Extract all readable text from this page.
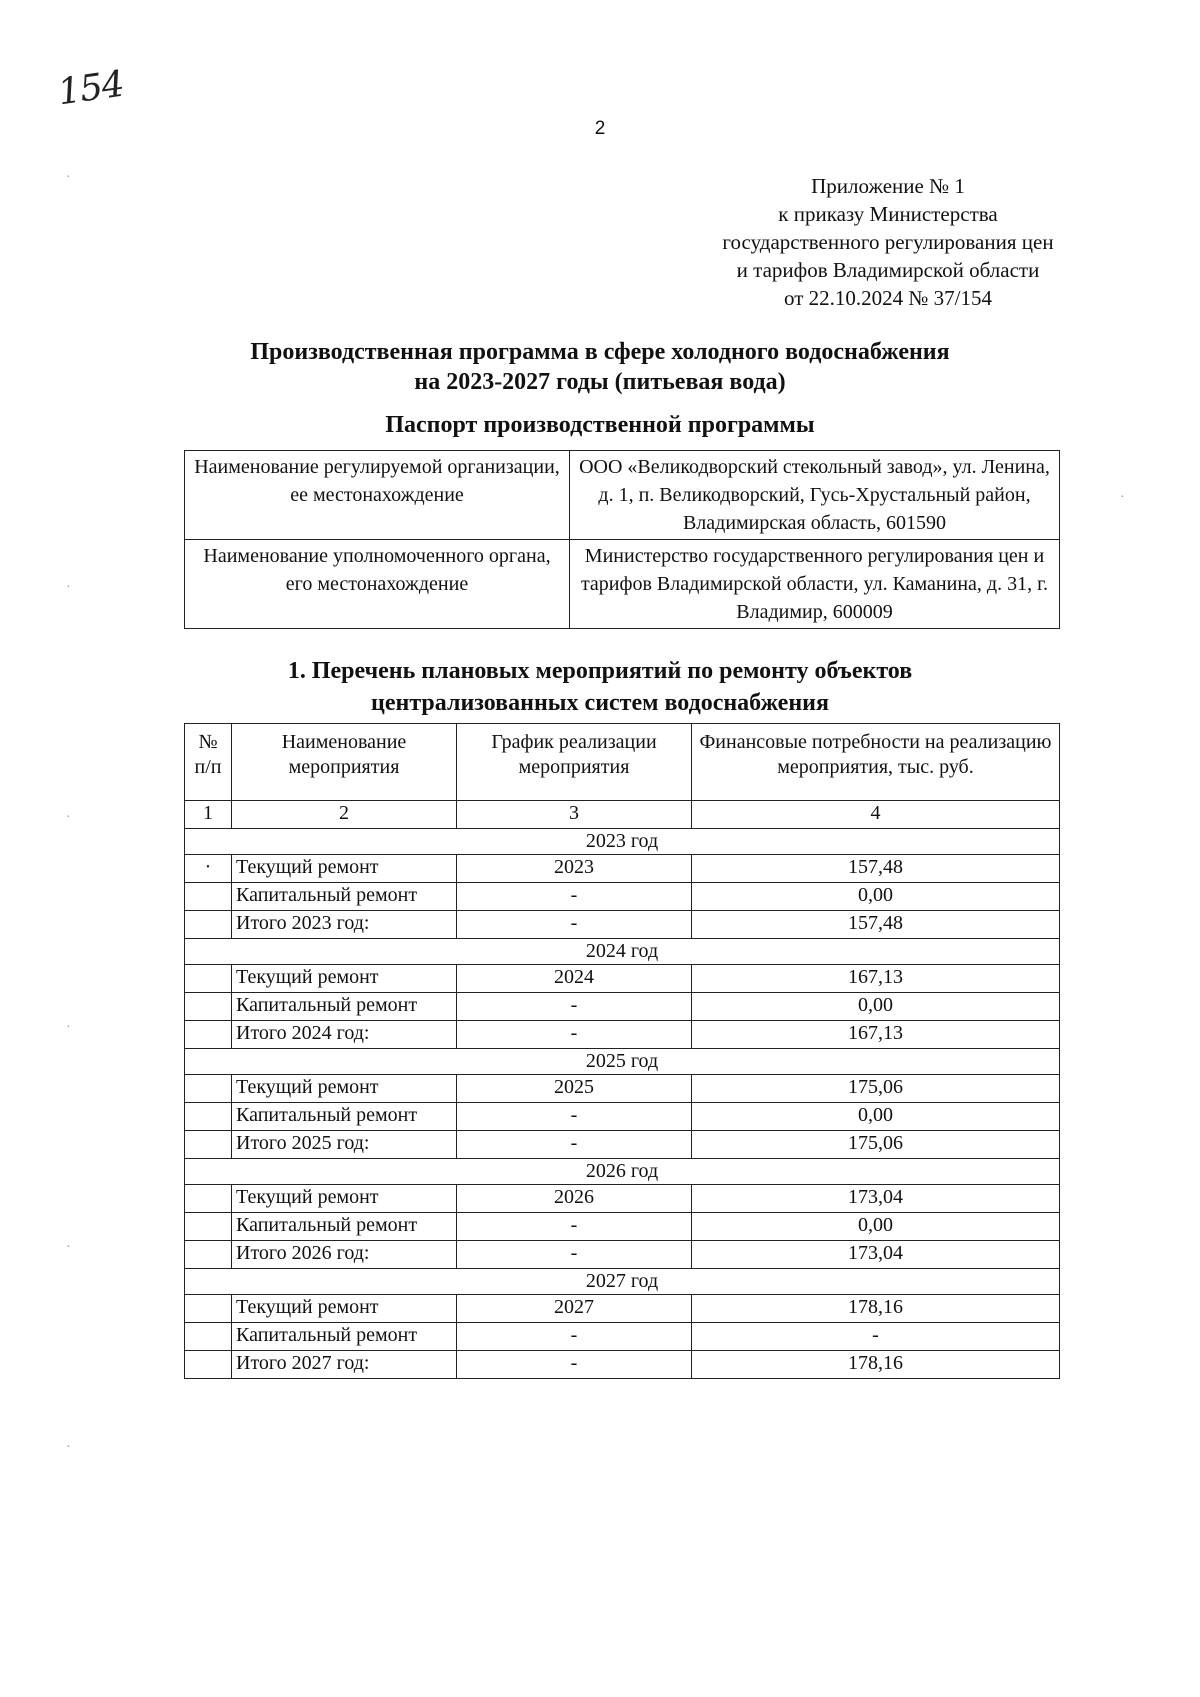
154
2
Приложение № 1
к приказу Министерства
государственного регулирования цен
и тарифов Владимирской области
от 22.10.2024 № 37/154
Производственная программа в сфере холодного водоснабжения
на 2023-2027 годы (питьевая вода)
Паспорт производственной программы
Наименование регулируемой организации, ее местонахождение	ООО «Великодворский стекольный завод», ул. Ленина, д. 1, п. Великодворский, Гусь-Хрустальный район, Владимирская область, 601590
Наименование уполномоченного органа, его местонахождение	Министерство государственного регулирования цен и тарифов Владимирской области, ул. Каманина, д. 31, г. Владимир, 600009
1. Перечень плановых мероприятий по ремонту объектов
централизованных систем водоснабжения
№ п/п	Наименование мероприятия	График реализации мероприятия	Финансовые потребности на реализацию мероприятия, тыс. руб.
1	2	3	4
2023 год			
·	Текущий ремонт	2023	157,48
	Капитальный ремонт	-	0,00
	Итого 2023 год:	-	157,48
2024 год			
	Текущий ремонт	2024	167,13
	Капитальный ремонт	-	0,00
	Итого 2024 год:	-	167,13
2025 год			
	Текущий ремонт	2025	175,06
	Капитальный ремонт	-	0,00
	Итого 2025 год:	-	175,06
2026 год			
	Текущий ремонт	2026	173,04
	Капитальный ремонт	-	0,00
	Итого 2026 год:	-	173,04
2027 год			
	Текущий ремонт	2027	178,16
	Капитальный ремонт	-	-
	Итого 2027 год:	-	178,16
·
·
·
·
·
·
·
